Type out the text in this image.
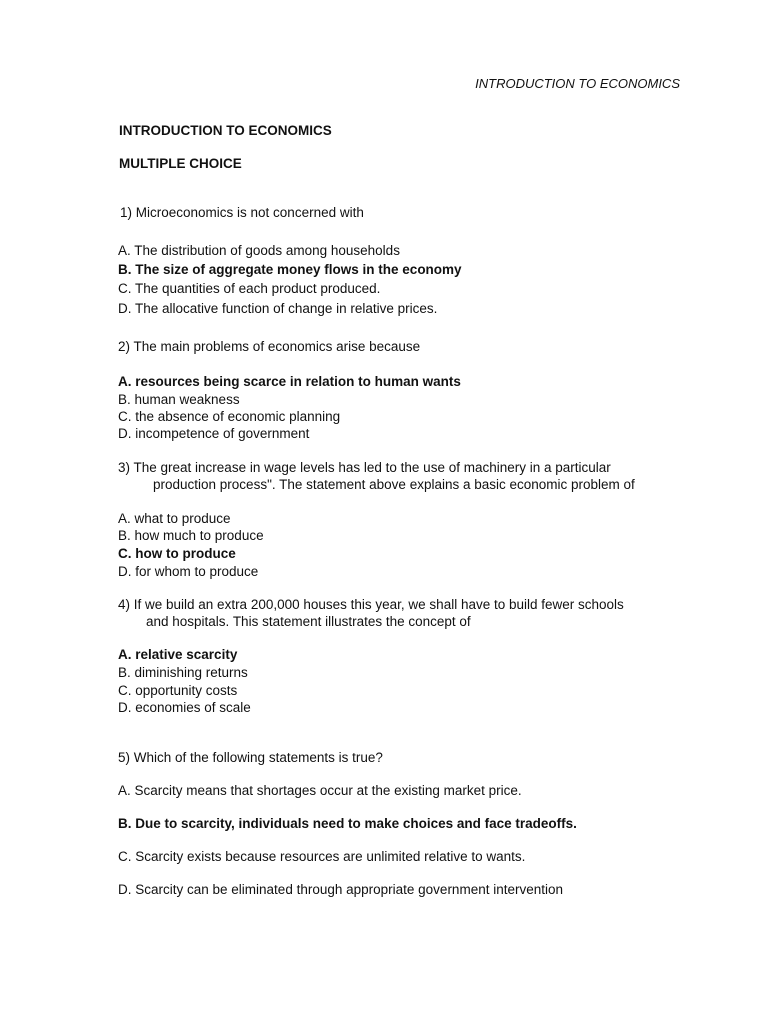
INTRODUCTION TO ECONOMICS
INTRODUCTION TO ECONOMICS
MULTIPLE CHOICE
1) Microeconomics is not concerned with
A. The distribution of goods among households
B. The size of aggregate money flows in the economy
C. The quantities of each product produced.
D. The allocative function of change in relative prices.
2) The main problems of economics arise because
A. resources being scarce in relation to human wants
B. human weakness
C. the absence of economic planning
D. incompetence of government
3) The great increase in wage levels has led to the use of machinery in a particular
production process". The statement above explains a basic economic problem of
A. what to produce
B. how much to produce
C. how to produce
D. for whom to produce
4) If we build an extra 200,000 houses this year, we shall have to build fewer schools
and hospitals. This statement illustrates the concept of
A. relative scarcity
B. diminishing returns
C. opportunity costs
D. economies of scale
5) Which of the following statements is true?
A. Scarcity means that shortages occur at the existing market price.
B. Due to scarcity, individuals need to make choices and face tradeoffs.
C. Scarcity exists because resources are unlimited relative to wants.
D. Scarcity can be eliminated through appropriate government intervention
